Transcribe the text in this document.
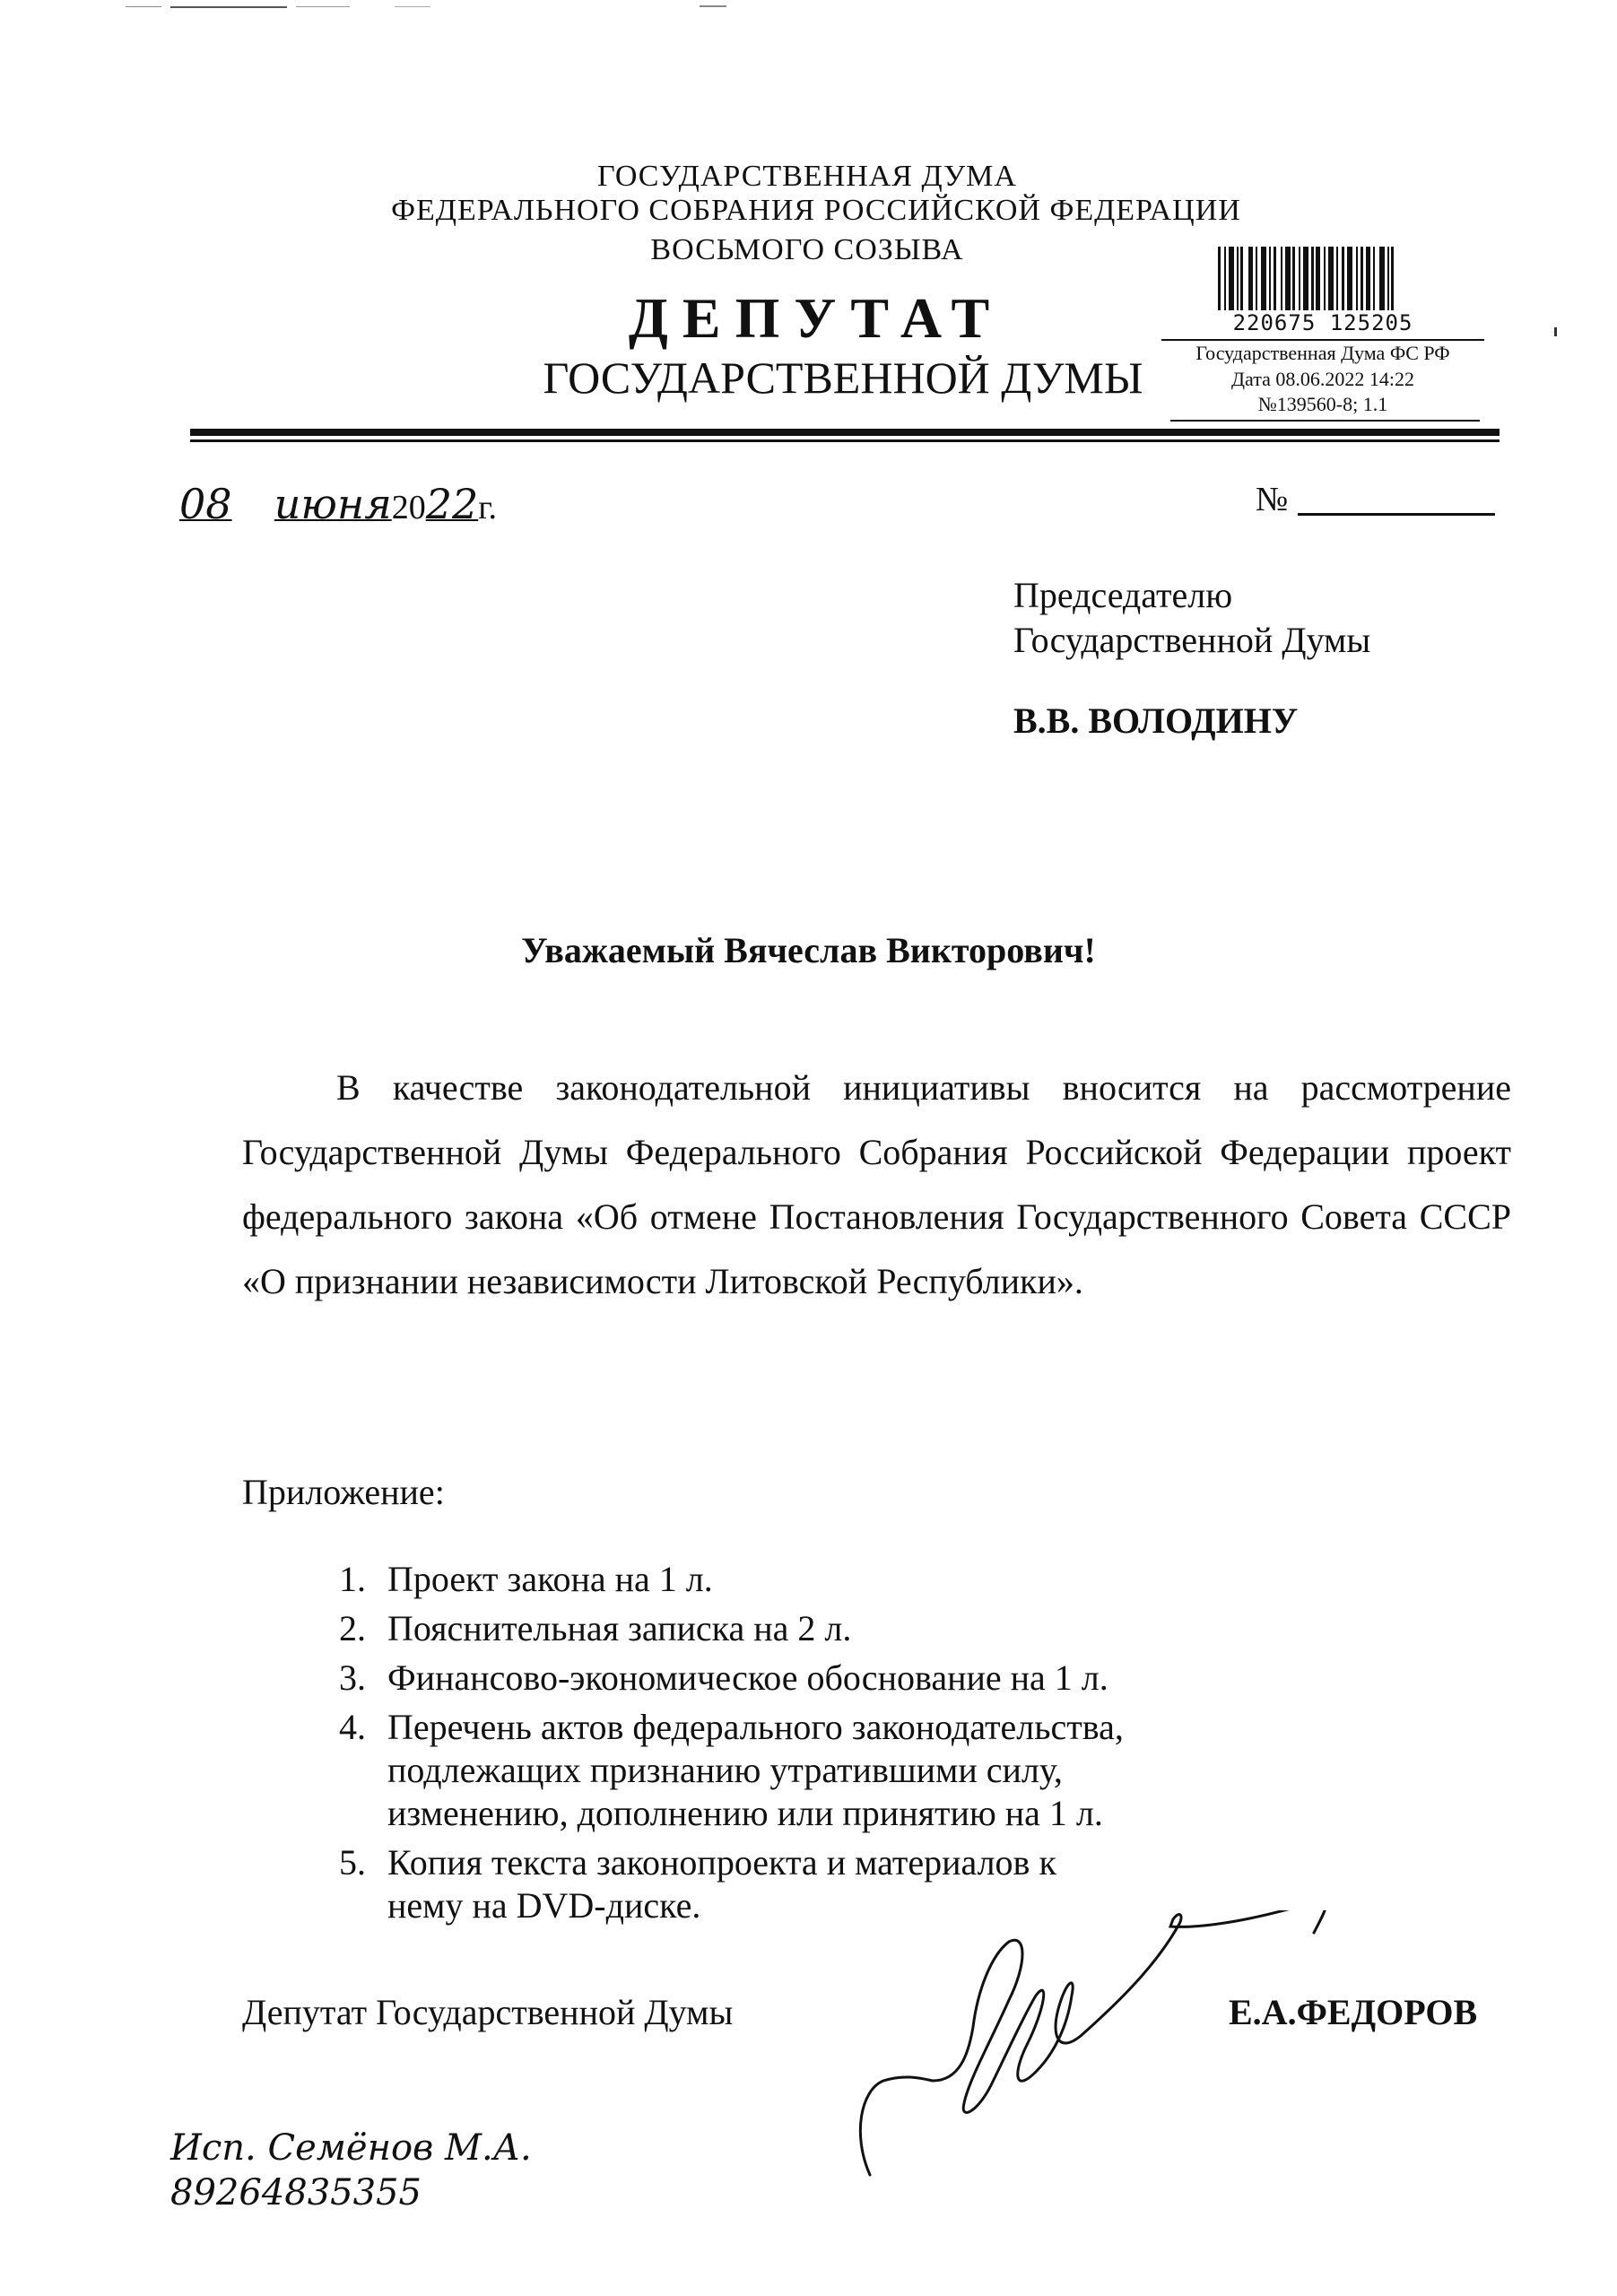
ГОСУДАРСТВЕННАЯ ДУМА
ФЕДЕРАЛЬНОГО СОБРАНИЯ РОССИЙСКОЙ ФЕДЕРАЦИИ
ВОСЬМОГО СОЗЫВА
ДЕПУТАТ
ГОСУДАРСТВЕННОЙ ДУМЫ
220675 125205
Государственная Дума ФС РФ
Дата 08.06.2022 14:22
№139560-8; 1.1
08 июня2022г.	№
Председателю
Государственной Думы
В.В. ВОЛОДИНУ
Уважаемый Вячеслав Викторович!
В качестве законодательной инициативы вносится на рассмотрение Государственной Думы Федерального Собрания Российской Федерации проект федерального закона «Об отмене Постановления Государственного Совета СССР «О признании независимости Литовской Республики».
Приложение:
1. Проект закона на 1 л.
2. Пояснительная записка на 2 л.
3. Финансово-экономическое обоснование на 1 л.
4. Перечень актов федерального законодательства, подлежащих признанию утратившими силу, изменению, дополнению или принятию на 1 л.
5. Копия текста законопроекта и материалов к нему на DVD-диске.
Депутат Государственной Думы	Е.А.ФЕДОРОВ
Исп. Семёнов М.А.
89264835355
